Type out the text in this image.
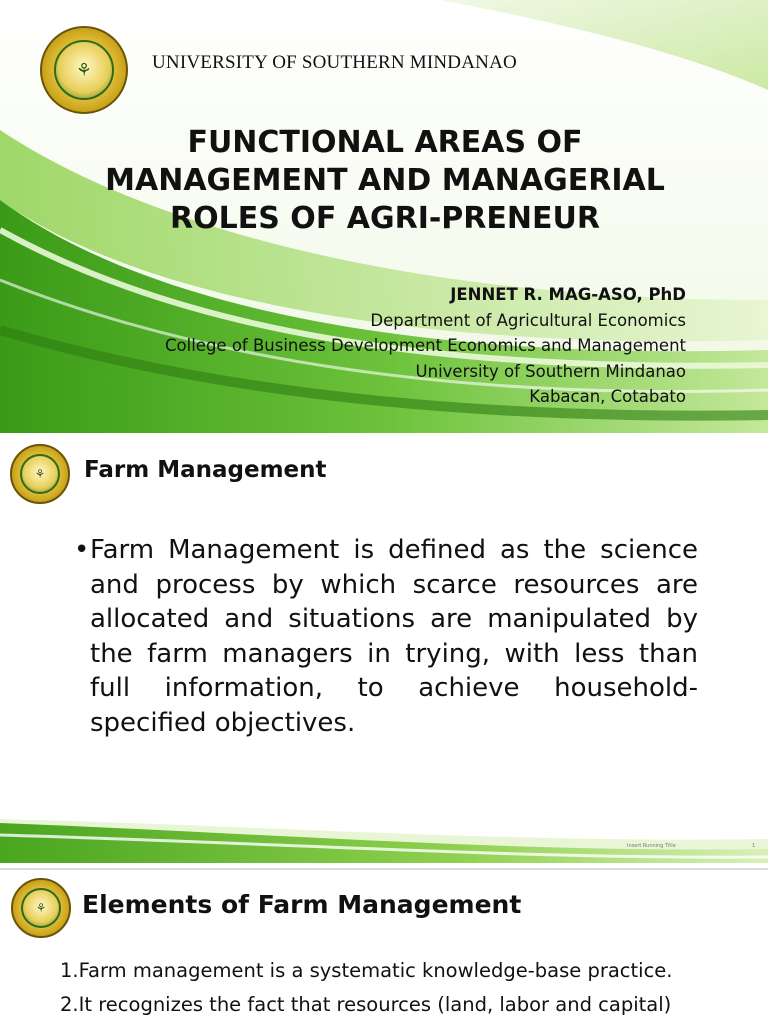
⚘	UNIVERSITY OF SOUTHERN MINDANAO
FUNCTIONAL AREAS OF
MANAGEMENT AND MANAGERIAL
ROLES OF AGRI-PRENEUR
JENNET R. MAG-ASO, PhD
Department of Agricultural Economics
College of Business Development Economics and Management
University of Southern Mindanao
Kabacan, Cotabato
⚘	Farm Management
• Farm Management is defined as the science and process by which scarce resources are allocated and situations are manipulated by the farm managers in trying, with less than full information, to achieve household-specified objectives.
Insert Running Title	1
⚘	Elements of Farm Management
1.Farm management is a systematic knowledge-base practice.
2.It recognizes the fact that resources (land, labor and capital)
